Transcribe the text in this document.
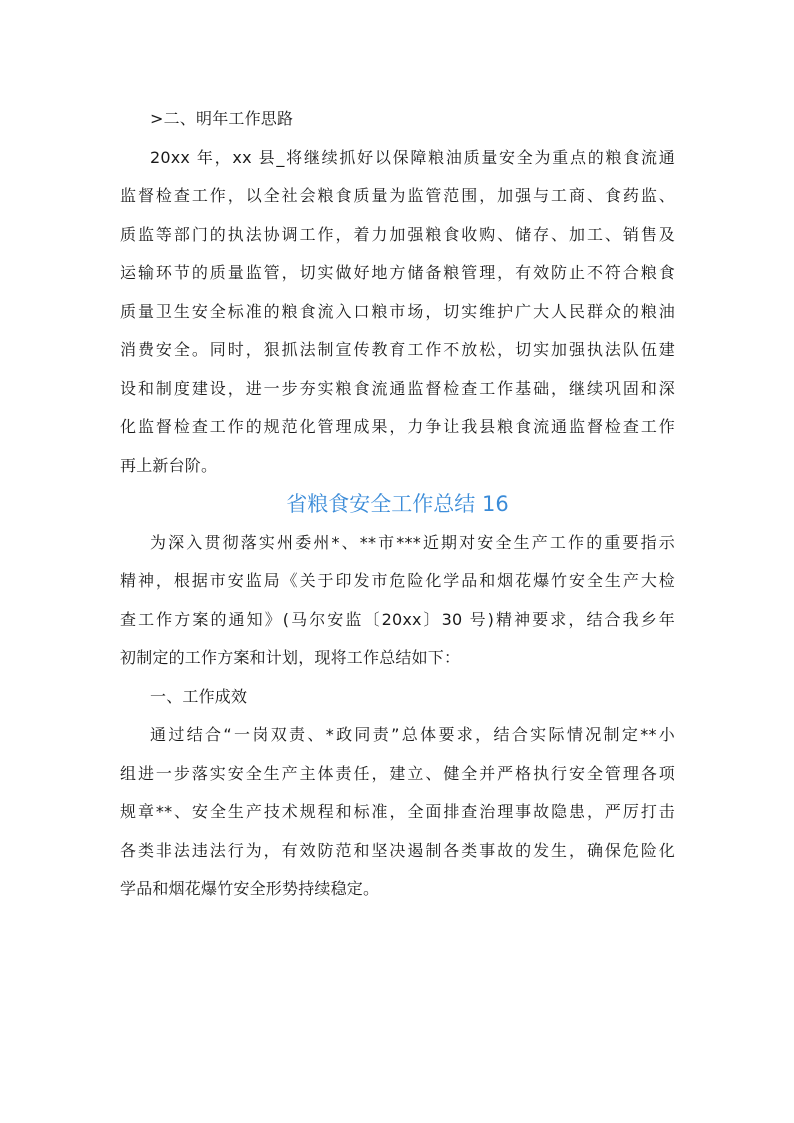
>二、明年工作思路
20xx 年，xx 县_将继续抓好以保障粮油质量安全为重点的粮食流通
监督检查工作，以全社会粮食质量为监管范围，加强与工商、食药监、
质监等部门的执法协调工作，着力加强粮食收购、储存、加工、销售及
运输环节的质量监管，切实做好地方储备粮管理，有效防止不符合粮食
质量卫生安全标准的粮食流入口粮市场，切实维护广大人民群众的粮油
消费安全。同时，狠抓法制宣传教育工作不放松，切实加强执法队伍建
设和制度建设，进一步夯实粮食流通监督检查工作基础，继续巩固和深
化监督检查工作的规范化管理成果，力争让我县粮食流通监督检查工作
再上新台阶。
省粮食安全工作总结 16
为深入贯彻落实州委州*、**市***近期对安全生产工作的重要指示
精神，根据市安监局《关于印发市危险化学品和烟花爆竹安全生产大检
查工作方案的通知》(马尔安监〔20xx〕30 号)精神要求，结合我乡年
初制定的工作方案和计划，现将工作总结如下：
一、工作成效
通过结合“一岗双责、*政同责”总体要求，结合实际情况制定**小
组进一步落实安全生产主体责任，建立、健全并严格执行安全管理各项
规章**、安全生产技术规程和标准，全面排查治理事故隐患，严厉打击
各类非法违法行为，有效防范和坚决遏制各类事故的发生，确保危险化
学品和烟花爆竹安全形势持续稳定。
